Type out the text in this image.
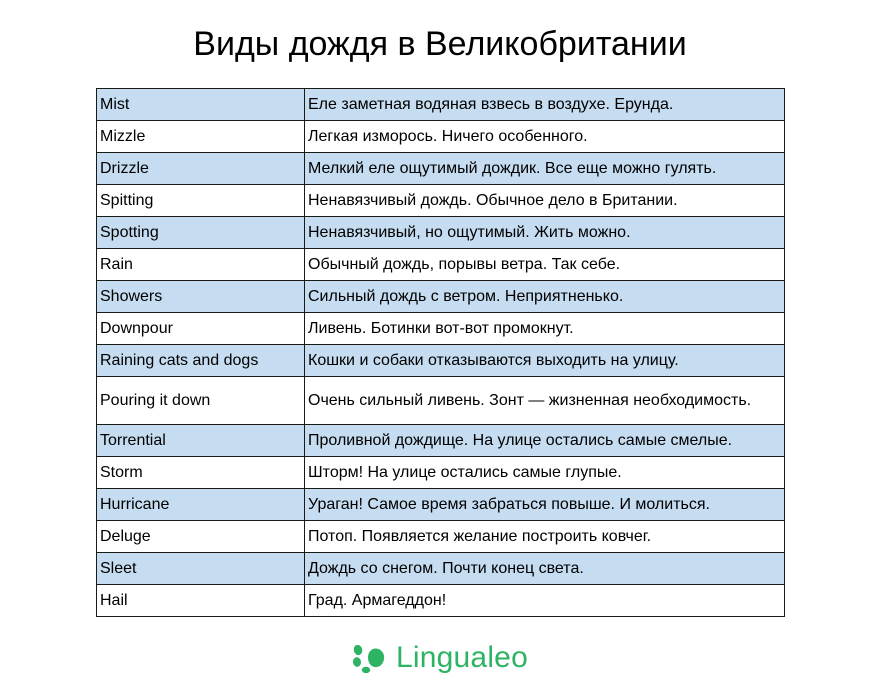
Виды дождя в Великобритании
Mist	Еле заметная водяная взвесь в воздухе. Ерунда.
Mizzle	Легкая изморось. Ничего особенного.
Drizzle	Мелкий еле ощутимый дождик. Все еще можно гулять.
Spitting	Ненавязчивый дождь. Обычное дело в Британии.
Spotting	Ненавязчивый, но ощутимый. Жить можно.
Rain	Обычный дождь, порывы ветра. Так себе.
Showers	Сильный дождь с ветром. Неприятненько.
Downpour	Ливень. Ботинки вот-вот промокнут.
Raining cats and dogs	Кошки и собаки отказываются выходить на улицу.
Pouring it down	Очень сильный ливень. Зонт — жизненная необходимость.
Torrential	Проливной дождище. На улице остались самые смелые.
Storm	Шторм! На улице остались самые глупые.
Hurricane	Ураган! Самое время забраться повыше. И молиться.
Deluge	Потоп. Появляется желание построить ковчег.
Sleet	Дождь со снегом. Почти конец света.
Hail	Град. Армагеддон!
Lingualeo
